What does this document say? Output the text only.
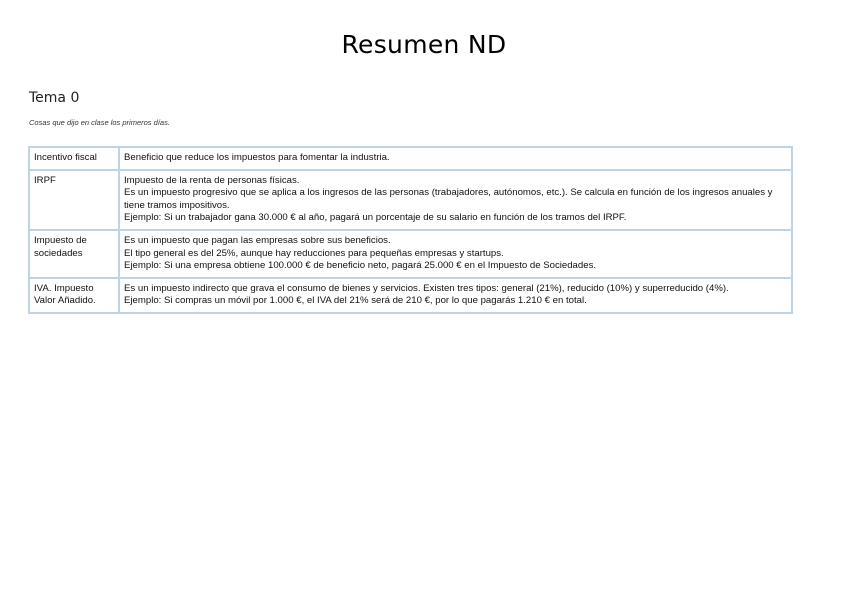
Resumen ND
Tema 0
Cosas que dijo en clase los primeros días.
Incentivo fiscal	Beneficio que reduce los impuestos para fomentar la industria.

IRPF	Impuesto de la renta de personas físicas.
Es un impuesto progresivo que se aplica a los ingresos de las personas (trabajadores, autónomos, etc.). Se calcula en función de los ingresos anuales y tiene tramos impositivos.
Ejemplo: Si un trabajador gana 30.000 € al año, pagará un porcentaje de su salario en función de los tramos del IRPF.

Impuesto de sociedades	Es un impuesto que pagan las empresas sobre sus beneficios.
El tipo general es del 25%, aunque hay reducciones para pequeñas empresas y startups.
Ejemplo: Si una empresa obtiene 100.000 € de beneficio neto, pagará 25.000 € en el Impuesto de Sociedades.

IVA. Impuesto Valor Añadido.	Es un impuesto indirecto que grava el consumo de bienes y servicios. Existen tres tipos: general (21%), reducido (10%) y superreducido (4%).
Ejemplo: Si compras un móvil por 1.000 €, el IVA del 21% será de 210 €, por lo que pagarás 1.210 € en total.
